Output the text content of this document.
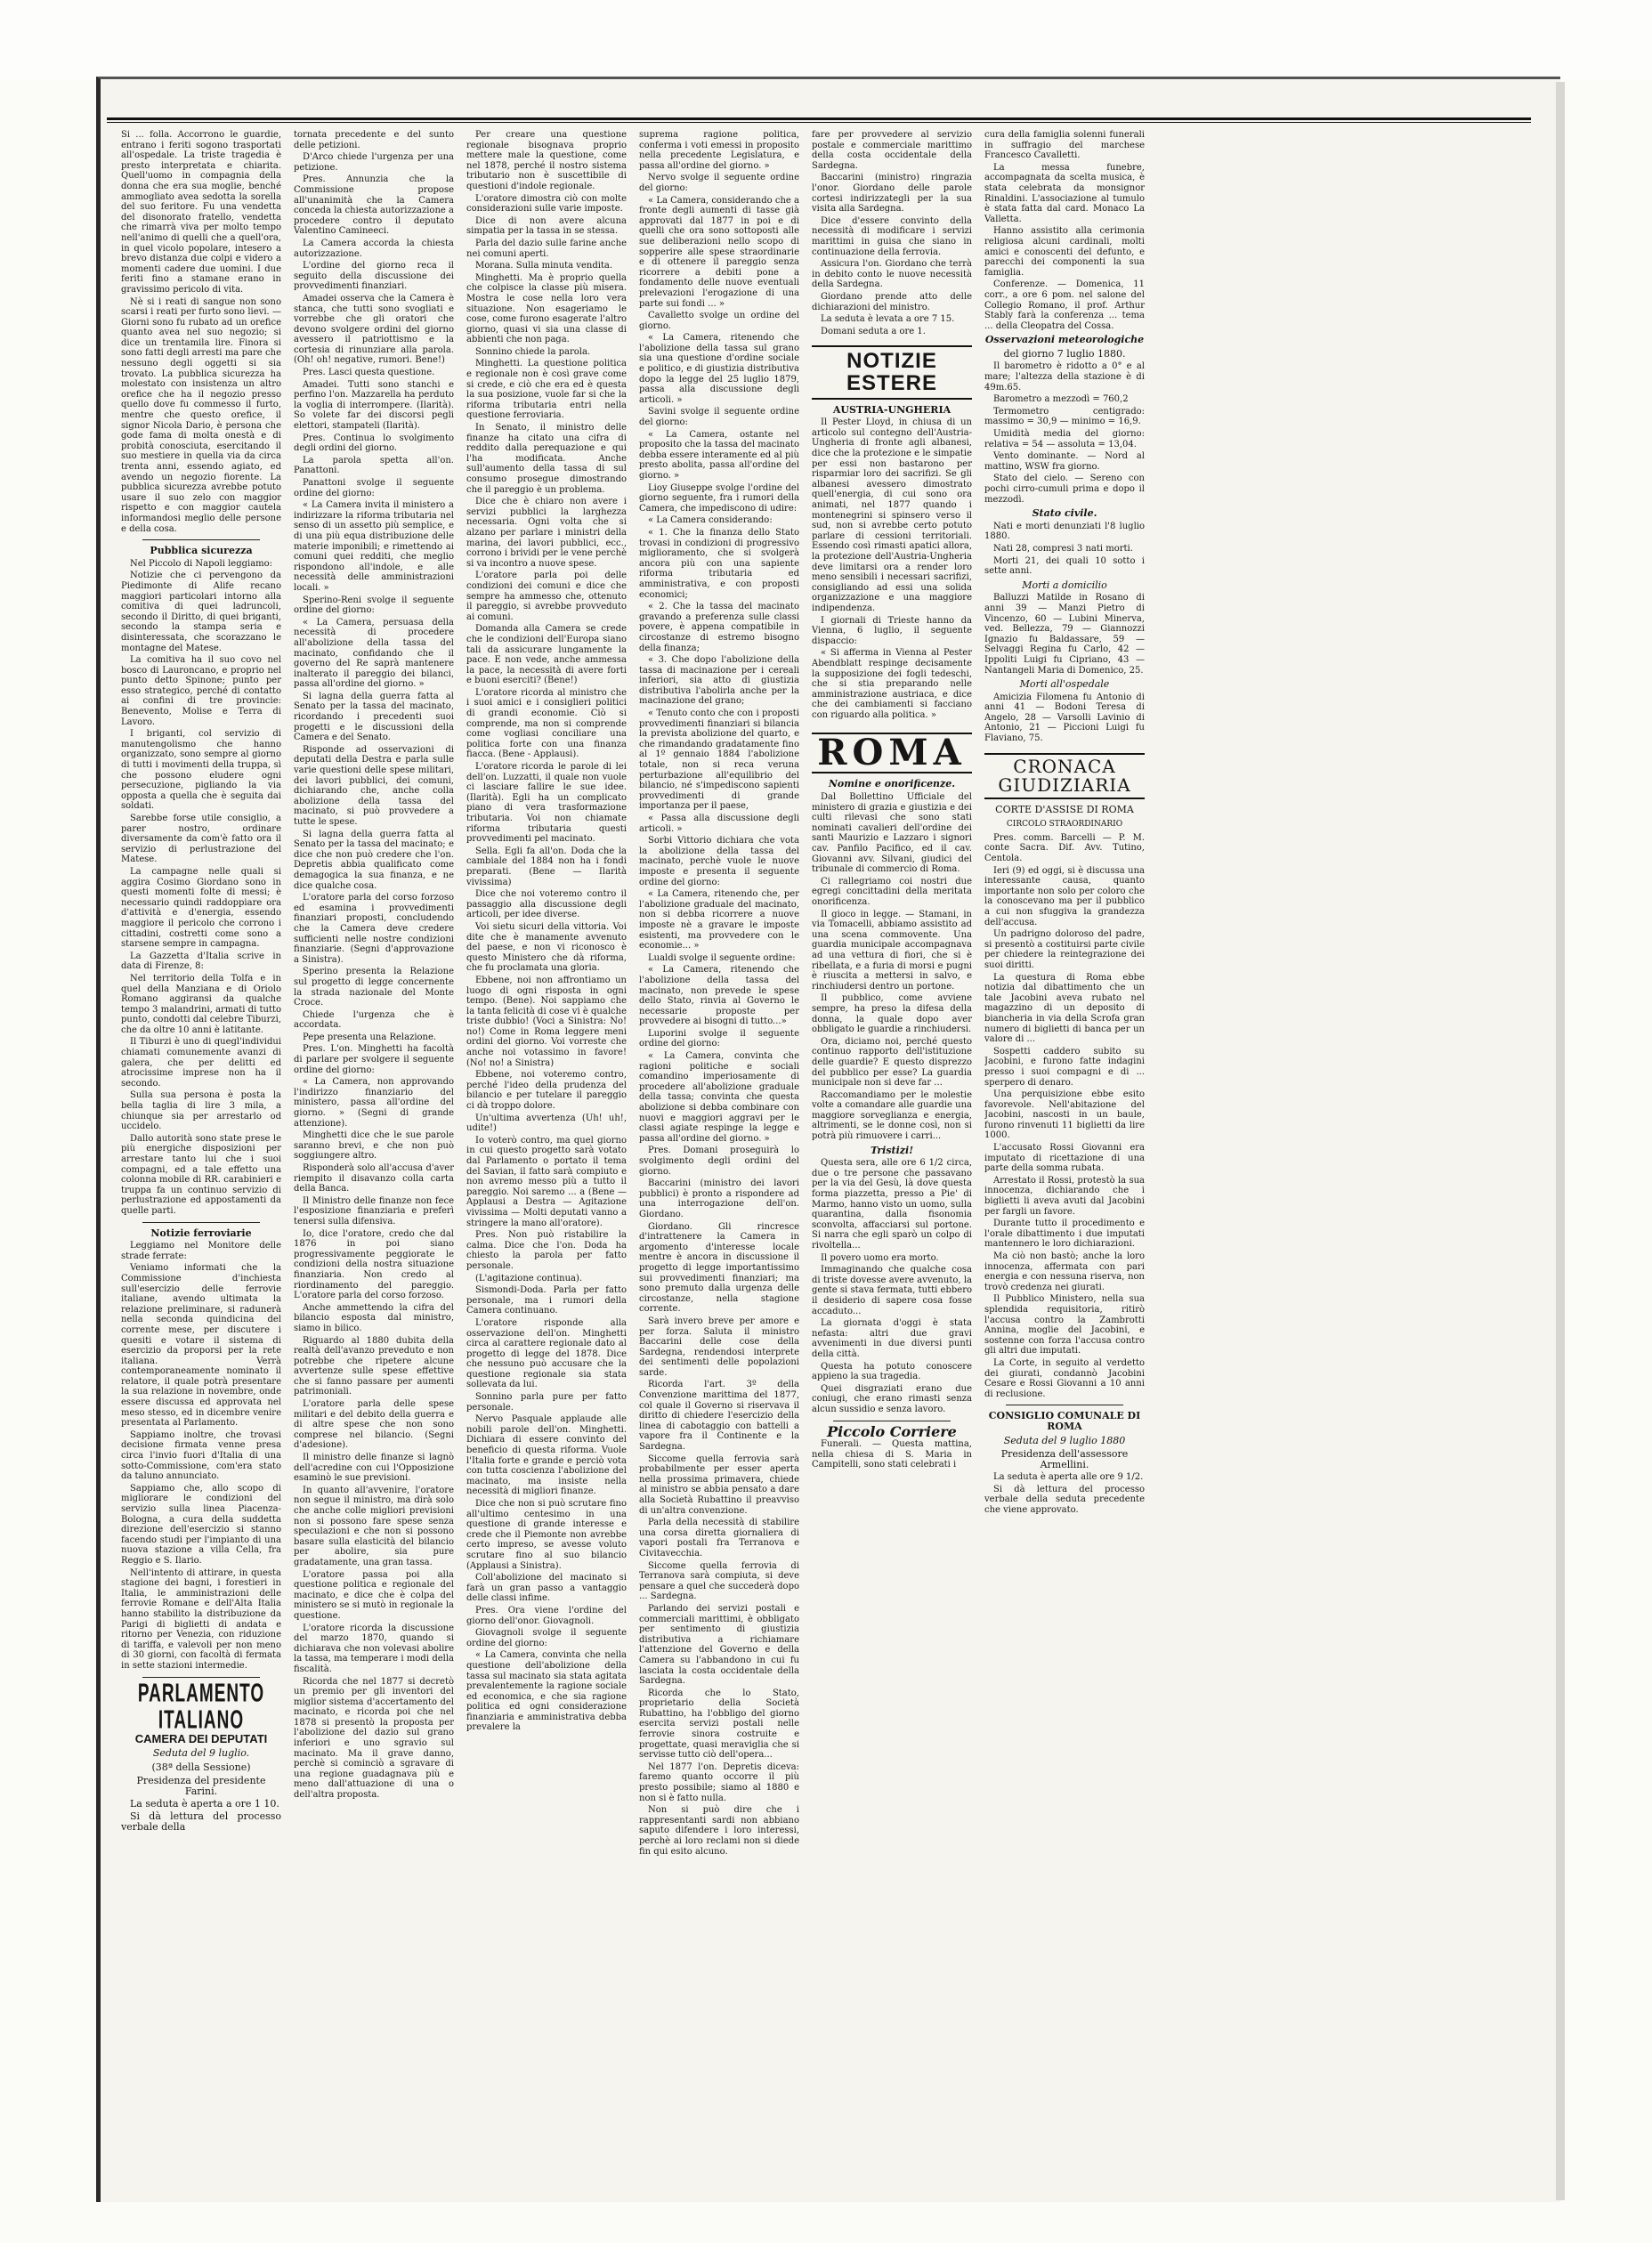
Si ... folla. Accorrono le guardie, entrano i feriti sogono trasportati all'ospedale. La triste tragedia è presto interpretata e chiarita. Quell'uomo in compagnia della donna che era sua moglie, benché ammogliato avea sedotta la sorella del suo feritore. Fu una vendetta del disonorato fratello, vendetta che rimarrà viva per molto tempo nell'animo di quelli che a quell'ora, in quel vicolo popolare, intesero a brevo distanza due colpi e videro a momenti cadere due uomini. I due feriti fino a stamane erano in gravissimo pericolo di vita.

Nè si i reati di sangue non sono scarsi i reati per furto sono lievi. — Giorni sono fu rubato ad un orefice quanto avea nel suo negozio; si dice un trentamila lire. Finora si sono fatti degli arresti ma pare che nessuno degli oggetti si sia trovato. La pubblica sicurezza ha molestato con insistenza un altro orefice che ha il negozio presso quello dove fu commesso il furto, mentre che questo orefice, il signor Nicola Dario, è persona che gode fama di molta onestà e di probità conosciuta, esercitando il suo mestiere in quella via da circa trenta anni, essendo agiato, ed avendo un negozio fiorente. La pubblica sicurezza avrebbe potuto usare il suo zelo con maggior rispetto e con maggior cautela informandosi meglio delle persone e della cosa.

Pubblica sicurezza

Nel Piccolo di Napoli leggiamo:

Notizie che ci pervengono da Piedimonte di Alife recano maggiori particolari intorno alla comitiva di quei ladruncoli, secondo il Diritto, di quei briganti, secondo la stampa seria e disinteressata, che scorazzano le montagne del Matese.

La comitiva ha il suo covo nel bosco di Lauroncano, e proprio nel punto detto Spinone; punto per esso strategico, perché di contatto ai confini di tre provincie: Benevento, Molise e Terra di Lavoro.

I briganti, col servizio di manutengolismo che hanno organizzato, sono sempre al giorno di tutti i movimenti della truppa, sì che possono eludere ogni persecuzione, pigliando la via opposta a quella che è seguita dai soldati.

Sarebbe forse utile consiglio, a parer nostro, ordinare diversamente da com'è fatto ora il servizio di perlustrazione del Matese.

La campagne nelle quali si aggira Cosimo Giordano sono in questi momenti folte di messi; è necessario quindi raddoppiare ora d'attività e d'energia, essendo maggiore il pericolo che corrono i cittadini, costretti come sono a starsene sempre in campagna.

La Gazzetta d'Italia scrive in data di Firenze, 8:

Nel territorio della Tolfa e in quel della Manziana e di Oriolo Romano aggiransi da qualche tempo 3 malandrini, armati di tutto punto, condotti dal celebre Tiburzi, che da oltre 10 anni è latitante.

Il Tiburzi è uno di quegl'individui chiamati comunemente avanzi di galera, che per delitti ed atrocissime imprese non ha il secondo.

Sulla sua persona è posta la bella taglia di lire 3 mila, a chiunque sia per arrestarlo od uccidelo.

Dallo autorità sono state prese le più energiche disposizioni per arrestare tanto lui che i suoi compagni, ed a tale effetto una colonna mobile di RR. carabinieri e truppa fa un continuo servizio di perlustrazione ed appostamenti da quelle parti.

Notizie ferroviarie

Leggiamo nel Monitore delle strade ferrate:

Veniamo informati che la Commissione d'inchiesta sull'esercizio delle ferrovie italiane, avendo ultimata la relazione preliminare, si radunerà nella seconda quindicina del corrente mese, per discutere i quesiti e votare il sistema di esercizio da proporsi per la rete italiana. Verrà contemporaneamente nominato il relatore, il quale potrà presentare la sua relazione in novembre, onde essere discussa ed approvata nel meso stesso, ed in dicembre venire presentata al Parlamento.

Sappiamo inoltre, che trovasi decisione firmata venne presa circa l'invio fuori d'Italia di una sotto-Commissione, com'era stato da taluno annunciato.

Sappiamo che, allo scopo di migliorare le condizioni del servizio sulla linea Piacenza-Bologna, a cura della suddetta direzione dell'esercizio si stanno facendo studi per l'impianto di una nuova stazione a villa Cella, fra Reggio e S. Ilario.

Nell'intento di attirare, in questa stagione dei bagni, i forestieri in Italia, le amministrazioni delle ferrovie Romane e dell'Alta Italia hanno stabilito la distribuzione da Parigi di biglietti di andata e ritorno per Venezia, con riduzione di tariffa, e valevoli per non meno di 30 giorni, con facoltà di fermata in sette stazioni intermedie.

PARLAMENTO ITALIANO
CAMERA DEI DEPUTATI
Seduta del 9 luglio.
(38ª della Sessione)
Presidenza del presidente Farini.

La seduta è aperta a ore 1 10.

Si dà lettura del processo verbale della

tornata precedente e del sunto delle petizioni.

D'Arco chiede l'urgenza per una petizione.

Pres. Annunzia che la Commissione propose all'unanimità che la Camera conceda la chiesta autorizzazione a procedere contro il deputato Valentino Camineeci.

La Camera accorda la chiesta autorizzazione.

L'ordine del giorno reca il seguito della discussione dei provvedimenti finanziari.

Amadei osserva che la Camera è stanca, che tutti sono svogliati e vorrebbe che gli oratori che devono svolgere ordini del giorno avessero il patriottismo e la cortesia di rinunziare alla parola. (Oh! oh! negative, rumori. Bene!)

Pres. Lasci questa questione.

Amadei. Tutti sono stanchi e perfino l'on. Mazzarella ha perduto la voglia di interrompere. (Ilarità). So volete far dei discorsi pegli elettori, stampateli (Ilarità).

Pres. Continua lo svolgimento degli ordini del giorno.

La parola spetta all'on. Panattoni.

Panattoni svolge il seguente ordine del giorno:

« La Camera invita il ministero a indirizzare la riforma tributaria nel senso di un assetto più semplice, e di una più equa distribuzione delle materie imponibili; e rimettendo ai comuni quei redditi, che meglio rispondono all'indole, e alle necessità delle amministrazioni locali. »

Sperino-Reni svolge il seguente ordine del giorno:

« La Camera, persuasa della necessità di procedere all'abolizione della tassa del macinato, confidando che il governo del Re saprà mantenere inalterato il pareggio dei bilanci, passa all'ordine del giorno. »

Si lagna della guerra fatta al Senato per la tassa del macinato, ricordando i precedenti suoi progetti e le discussioni della Camera e del Senato.

Risponde ad osservazioni di deputati della Destra e parla sulle varie questioni delle spese militari, dei lavori pubblici, dei comuni, dichiarando che, anche colla abolizione della tassa del macinato, si può provvedere a tutte le spese.

Si lagna della guerra fatta al Senato per la tassa del macinato; e dice che non può credere che l'on. Depretis abbia qualificato come demagogica la sua finanza, e ne dice qualche cosa.

L'oratore parla del corso forzoso ed esamina i provvedimenti finanziari proposti, concludendo che la Camera deve credere sufficienti nelle nostre condizioni finanziarie. (Segni d'approvazione a Sinistra).

Sperino presenta la Relazione sul progetto di legge concernente la strada nazionale del Monte Croce.

Chiede l'urgenza che è accordata.

Pepe presenta una Relazione.

Pres. L'on. Minghetti ha facoltà di parlare per svolgere il seguente ordine del giorno:

« La Camera, non approvando l'indirizzo finanziario del ministero, passa all'ordine del giorno. » (Segni di grande attenzione).

Minghetti dice che le sue parole saranno brevi, e che non può soggiungere altro.

Risponderà solo all'accusa d'aver riempito il disavanzo colla carta della Banca.

Il Ministro delle finanze non fece l'esposizione finanziaria e preferì tenersi sulla difensiva.

Io, dice l'oratore, credo che dal 1876 in poi siano progressivamente peggiorate le condizioni della nostra situazione finanziaria. Non credo al riordinamento del pareggio. L'oratore parla del corso forzoso.

Anche ammettendo la cifra del bilancio esposta dal ministro, siamo in bilico.

Riguardo al 1880 dubita della realtà dell'avanzo preveduto e non potrebbe che ripetere alcune avvertenze sulle spese effettive che si fanno passare per aumenti patrimoniali.

L'oratore parla delle spese militari e del debito della guerra e di altre spese che non sono comprese nel bilancio. (Segni d'adesione).

Il ministro delle finanze si lagnò dell'acredine con cui l'Opposizione esaminò le sue previsioni.

In quanto all'avvenire, l'oratore non segue il ministro, ma dirà solo che anche colle migliori previsioni non si possono fare spese senza speculazioni e che non si possono basare sulla elasticità del bilancio per abolire, sia pure gradatamente, una gran tassa.

L'oratore passa poi alla questione politica e regionale del macinato, e dice che è colpa del ministero se si mutò in regionale la questione.

L'oratore ricorda la discussione del marzo 1870, quando si dichiarava che non volevasi abolire la tassa, ma temperare i modi della fiscalità.

Ricorda che nel 1877 si decretò un premio per gli inventori del miglior sistema d'accertamento del macinato, e ricorda poi che nel 1878 si presentò la proposta per l'abolizione del dazio sul grano inferiori e uno sgravio sul macinato. Ma il grave danno, perchè si cominciò a sgravare di una regione guadagnava più e meno dall'attuazione di una o dell'altra proposta.

Per creare una questione regionale bisognava proprio mettere male la questione, come nel 1878, perché il nostro sistema tributario non è suscettibile di questioni d'indole regionale.

L'oratore dimostra ciò con molte considerazioni sulle varie imposte.

Dice di non avere alcuna simpatia per la tassa in se stessa.

Parla del dazio sulle farine anche nei comuni aperti.

Morana. Sulla minuta vendita.

Minghetti. Ma è proprio quella che colpisce la classe più misera. Mostra le cose nella loro vera situazione. Non esageriamo le cose, come furono esagerate l'altro giorno, quasi vi sia una classe di abbienti che non paga.

Sonnino chiede la parola.

Minghetti. La questione politica e regionale non è così grave come si crede, e ciò che era ed è questa la sua posizione, vuole far si che la riforma tributaria entri nella questione ferroviaria.

In Senato, il ministro delle finanze ha citato una cifra di reddito dalla perequazione e qui l'ha modificata. Anche sull'aumento della tassa di sul consumo prosegue dimostrando che il pareggio è un problema.

Dice che è chiaro non avere i servizi pubblici la larghezza necessaria. Ogni volta che si alzano per parlare i ministri della marina, dei lavori pubblici, ecc., corrono i brividi per le vene perchè si va incontro a nuove spese.

L'oratore parla poi delle condizioni dei comuni e dice che sempre ha ammesso che, ottenuto il pareggio, si avrebbe provveduto ai comuni.

Domanda alla Camera se crede che le condizioni dell'Europa siano tali da assicurare lungamente la pace. E non vede, anche ammessa la pace, la necessità di avere forti e buoni eserciti? (Bene!)

L'oratore ricorda al ministro che i suoi amici e i consiglieri politici di grandi economie. Ciò si comprende, ma non si comprende come vogliasi conciliare una politica forte con una finanza fiacca. (Bene - Applausi).

L'oratore ricorda le parole di lei dell'on. Luzzatti, il quale non vuole ci lasciare fallire le sue idee. (Ilarità). Egli ha un complicato piano di vera trasformazione tributaria. Voi non chiamate riforma tributaria questi provvedimenti pel macinato.

Sella. Egli fa all'on. Doda che la cambiale del 1884 non ha i fondi preparati. (Bene — Ilarità vivissima)

Dice che noi voteremo contro il passaggio alla discussione degli articoli, per idee diverse.

Voi sietu sicuri della vittoria. Voi dite che è manamente avvenuto del paese, e non vi riconosco è questo Ministero che dà riforma, che fu proclamata una gloria.

Ebbene, noi non affrontiamo un luogo di ogni risposta in ogni tempo. (Bene). Noi sappiamo che la tanta felicità di cose vi è qualche triste dubbio! (Voci a Sinistra: No! no!) Come in Roma leggere meni ordini del giorno. Voi vorreste che anche noi votassimo in favore! (No! no! a Sinistra)

Ebbene, noi voteremo contro, perché l'ideo della prudenza del bilancio e per tutelare il pareggio ci dà troppo dolore.

Un'ultima avvertenza (Uh! uh!, udite!)

Io voterò contro, ma quel giorno in cui questo progetto sarà votato dal Parlamento o portato il tema del Savian, il fatto sarà compiuto e non avremo messo più a tutto il pareggio. Noi saremo ... a (Bene — Applausi a Destra — Agitazione vivissima — Molti deputati vanno a stringere la mano all'oratore).

Pres. Non può ristabilire la calma. Dice che l'on. Doda ha chiesto la parola per fatto personale.

(L'agitazione continua).

Sismondi-Doda. Parla per fatto personale, ma i rumori della Camera continuano.

L'oratore risponde alla osservazione dell'on. Minghetti circa al carattere regionale dato al progetto di legge del 1878. Dice che nessuno può accusare che la questione regionale sia stata sollevata da lui.

Sonnino parla pure per fatto personale.

Nervo Pasquale applaude alle nobili parole dell'on. Minghetti. Dichiara di essere convinto del beneficio di questa riforma. Vuole l'Italia forte e grande e perciò vota con tutta coscienza l'abolizione del macinato, ma insiste nella necessità di migliori finanze.

Dice che non si può scrutare fino all'ultimo centesimo in una questione di grande interesse e crede che il Piemonte non avrebbe certo impreso, se avesse voluto scrutare fino al suo bilancio (Applausi a Sinistra).

Coll'abolizione del macinato si farà un gran passo a vantaggio delle classi infime.

Pres. Ora viene l'ordine del giorno dell'onor. Giovagnoli.

Giovagnoli svolge il seguente ordine del giorno:

« La Camera, convinta che nella questione dell'abolizione della tassa sul macinato sia stata agitata prevalentemente la ragione sociale ed economica, e che sia ragione politica ed ogni considerazione finanziaria e amministrativa debba prevalere la

suprema ragione politica, conferma i voti emessi in proposito nella precedente Legislatura, e passa all'ordine del giorno. »

Nervo svolge il seguente ordine del giorno:

« La Camera, considerando che a fronte degli aumenti di tasse già approvati dal 1877 in poi e di quelli che ora sono sottoposti alle sue deliberazioni nello scopo di sopperire alle spese straordinarie e di ottenere il pareggio senza ricorrere a debiti pone a fondamento delle nuove eventuali prelevazioni l'erogazione di una parte sui fondi ... »

Cavalletto svolge un ordine del giorno.

« La Camera, ritenendo che l'abolizione della tassa sul grano sia una questione d'ordine sociale e politico, e di giustizia distributiva dopo la legge del 25 luglio 1879, passa alla discussione degli articoli. »

Savini svolge il seguente ordine del giorno:

« La Camera, ostante nel proposito che la tassa del macinato debba essere interamente ed al più presto abolita, passa all'ordine del giorno. »

Lioy Giuseppe svolge l'ordine del giorno seguente, fra i rumori della Camera, che impediscono di udire:

« La Camera considerando:

« 1. Che la finanza dello Stato trovasi in condizioni di progressivo miglioramento, che si svolgerà ancora più con una sapiente riforma tributaria ed amministrativa, e con proposti economici;

« 2. Che la tassa del macinato gravando a preferenza sulle classi povere, è appena compatibile in circostanze di estremo bisogno della finanza;

« 3. Che dopo l'abolizione della tassa di macinazione per i cereali inferiori, sia atto di giustizia distributiva l'abolirla anche per la macinazione del grano;

« Tenuto conto che con i proposti provvedimenti finanziari si bilancia la prevista abolizione del quarto, e che rimandando gradatamente fino al 1º gennaio 1884 l'abolizione totale, non si reca veruna perturbazione all'equilibrio del bilancio, né s'impediscono sapienti provvedimenti di grande importanza per il paese,

« Passa alla discussione degli articoli. »

Sorbi Vittorio dichiara che vota la abolizione della tassa del macinato, perchè vuole le nuove imposte e presenta il seguente ordine del giorno:

« La Camera, ritenendo che, per l'abolizione graduale del macinato, non si debba ricorrere a nuove imposte nè a gravare le imposte esistenti, ma provvedere con le economie... »

Lualdi svolge il seguente ordine:

« La Camera, ritenendo che l'abolizione della tassa del macinato, non prevede le spese dello Stato, rinvia al Governo le necessarie proposte per provvedere ai bisogni di tutto...»

Luporini svolge il seguente ordine del giorno:

« La Camera, convinta che ragioni politiche e sociali comandino imperiosamente di procedere all'abolizione graduale della tassa; convinta che questa abolizione si debba combinare con nuovi e maggiori aggravi per le classi agiate respinge la legge e passa all'ordine del giorno. »

Pres. Domani proseguirà lo svolgimento degli ordini del giorno.

Baccarini (ministro dei lavori pubblici) è pronto a rispondere ad una interrogazione dell'on. Giordano.

Giordano. Gli rincresce d'intrattenere la Camera in argomento d'interesse locale mentre è ancora in discussione il progetto di legge importantissimo sui provvedimenti finanziari; ma sono premuto dalla urgenza delle circostanze, nella stagione corrente.

Sarà invero breve per amore e per forza. Saluta il ministro Baccarini delle cose della Sardegna, rendendosi interprete dei sentimenti delle popolazioni sarde.

Ricorda l'art. 3º della Convenzione marittima del 1877, col quale il Governo si riservava il diritto di chiedere l'esercizio della linea di cabotaggio con battelli a vapore fra il Continente e la Sardegna.

Siccome quella ferrovia sarà probabilmente per esser aperta nella prossima primavera, chiede al ministro se abbia pensato a dare alla Società Rubattino il preavviso di un'altra convenzione.

Parla della necessità di stabilire una corsa diretta giornaliera di vapori postali fra Terranova e Civitavecchia.

Siccome quella ferrovia di Terranova sarà compiuta, si deve pensare a quel che succederà dopo ... Sardegna.

Parlando dei servizi postali e commerciali marittimi, è obbligato per sentimento di giustizia distributiva a richiamare l'attenzione del Governo e della Camera su l'abbandono in cui fu lasciata la costa occidentale della Sardegna.

Ricorda che lo Stato, proprietario della Società Rubattino, ha l'obbligo del giorno esercita servizi postali nelle ferrovie sinora costruite e progettate, quasi meraviglia che si servisse tutto ciò dell'opera...

Nel 1877 l'on. Depretis diceva: faremo quanto occorre il più presto possibile; siamo al 1880 e non si è fatto nulla.

Non si può dire che i rappresentanti sardi non abbiano saputo difendere i loro interessi, perchè ai loro reclami non si diede fin qui esito alcuno.

fare per provvedere al servizio postale e commerciale marittimo della costa occidentale della Sardegna.

Baccarini (ministro) ringrazia l'onor. Giordano delle parole cortesi indirizzategli per la sua visita alla Sardegna.

Dice d'essere convinto della necessità di modificare i servizi marittimi in guisa che siano in continuazione della ferrovia.

Assicura l'on. Giordano che terrà in debito conto le nuove necessità della Sardegna.

Giordano prende atto delle dichiarazioni del ministro.

La seduta è levata a ore 7 15.

Domani seduta a ore 1.

NOTIZIE ESTERE
AUSTRIA-UNGHERIA

Il Pester Lloyd, in chiusa di un articolo sul contegno dell'Austria-Ungheria di fronte agli albanesi, dice che la protezione e le simpatie per essi non bastarono per risparmiar loro dei sacrifizi. Se gli albanesi avessero dimostrato quell'energia, di cui sono ora animati, nel 1877 quando i montenegrini si spinsero verso il sud, non si avrebbe certo potuto parlare di cessioni territoriali. Essendo così rimasti apatici allora, la protezione dell'Austria-Ungheria deve limitarsi ora a render loro meno sensibili i necessari sacrifizi, consigliando ad essi una solida organizzazione e una maggiore indipendenza.

I giornali di Trieste hanno da Vienna, 6 luglio, il seguente dispaccio:

« Si afferma in Vienna al Pester Abendblatt respinge decisamente la supposizione dei fogli tedeschi, che si stia preparando nelle amministrazione austriaca, e dice che dei cambiamenti si facciano con riguardo alla politica. »

ROMA
Nomine e onorificenze.

Dal Bollettino Ufficiale del ministero di grazia e giustizia e dei culti rilevasi che sono stati nominati cavalieri dell'ordine dei santi Maurizio e Lazzaro i signori cav. Panfilo Pacifico, ed il cav. Giovanni avv. Silvani, giudici del tribunale di commercio di Roma.

Ci rallegriamo coi nostri due egregi concittadini della meritata onorificenza.

Il gioco in legge. — Stamani, in via Tomacelli, abbiamo assistito ad una scena commovente. Una guardia municipale accompagnava ad una vettura di fiori, che si è ribellata, e a furia di morsi e pugni è riuscita a mettersi in salvo, e rinchiudersi dentro un portone.

Il pubblico, come avviene sempre, ha preso la difesa della donna, la quale dopo aver obbligato le guardie a rinchiudersi.

Ora, diciamo noi, perché questo continuo rapporto dell'istituzione delle guardie? E questo disprezzo del pubblico per esse? La guardia municipale non si deve far ...

Raccomandiamo per le molestie volte a comandare alle guardie una maggiore sorveglianza e energia, altrimenti, se le donne così, non si potrà più rimuovere i carri...

Tristizi!

Questa sera, alle ore 6 1/2 circa, due o tre persone che passavano per la via del Gesù, là dove questa forma piazzetta, presso a Pie' di Marmo, hanno visto un uomo, sulla quarantina, dalla fisonomia sconvolta, affacciarsi sul portone. Si narra che egli sparò un colpo di rivoltella...

Il povero uomo era morto.

Immaginando che qualche cosa di triste dovesse avere avvenuto, la gente si stava fermata, tutti ebbero il desiderio di sapere cosa fosse accaduto...

La giornata d'oggi è stata nefasta: altri due gravi avvenimenti in due diversi punti della città.

Questa ha potuto conoscere appieno la sua tragedia.

Quei disgraziati erano due coniugi, che erano rimasti senza alcun sussidio e senza lavoro.

Piccolo Corriere

Funerali. — Questa mattina, nella chiesa di S. Maria in Campitelli, sono stati celebrati i

cura della famiglia solenni funerali in suffragio del marchese Francesco Cavalletti.

La messa funebre, accompagnata da scelta musica, è stata celebrata da monsignor Rinaldini. L'associazione al tumulo è stata fatta dal card. Monaco La Valletta.

Hanno assistito alla cerimonia religiosa alcuni cardinali, molti amici e conoscenti del defunto, e parecchi dei componenti la sua famiglia.

Conferenze. — Domenica, 11 corr., a ore 6 pom. nel salone del Collegio Romano, il prof. Arthur Stably farà la conferenza ... tema ... della Cleopatra del Cossa.

Osservazioni meteorologiche
del giorno 7 luglio 1880.

Il barometro è ridotto a 0° e al mare; l'altezza della stazione è di 49m.65.

Barometro a mezzodì = 760,2

Termometro centigrado: massimo = 30,9 — minimo = 16,9.

Umidità media del giorno: relativa = 54 — assoluta = 13,04.

Vento dominante. — Nord al mattino, WSW fra giorno.

Stato del cielo. — Sereno con pochi cirro-cumuli prima e dopo il mezzodì.

Stato civile.

Nati e morti denunziati l'8 luglio 1880.

Nati 28, compresi 3 nati morti.

Morti 21, dei quali 10 sotto i sette anni.

Morti a domicilio

Balluzzi Matilde in Rosano di anni 39 — Manzi Pietro di Vincenzo, 60 — Lubini Minerva, ved. Bellezza, 79 — Giannozzi Ignazio fu Baldassare, 59 — Selvaggi Regina fu Carlo, 42 — Ippoliti Luigi fu Cipriano, 43 — Nantangeli Maria di Domenico, 25.

Morti all'ospedale

Amicizia Filomena fu Antonio di anni 41 — Bodoni Teresa di Angelo, 28 — Varsolli Lavinio di Antonio, 21 — Piccioni Luigi fu Flaviano, 75.

CRONACA GIUDIZIARIA
CORTE D'ASSISE DI ROMA
CIRCOLO STRAORDINARIO

Pres. comm. Barcelli — P. M. conte Sacra. Dif. Avv. Tutino, Centola.

Ieri (9) ed oggi, si è discussa una interessante causa, quanto importante non solo per coloro che la conoscevano ma per il pubblico a cui non sfuggiva la grandezza dell'accusa.

Un padrigno doloroso del padre, si presentò a costituirsi parte civile per chiedere la reintegrazione dei suoi diritti.

La questura di Roma ebbe notizia dal dibattimento che un tale Jacobini aveva rubato nel magazzino di un deposito di biancheria in via della Scrofa gran numero di biglietti di banca per un valore di ...

Sospetti caddero subito su Jacobini, e furono fatte indagini presso i suoi compagni e di ... sperpero di denaro.

Una perquisizione ebbe esito favorevole. Nell'abitazione del Jacobini, nascosti in un baule, furono rinvenuti 11 biglietti da lire 1000.

L'accusato Rossi Giovanni era imputato di ricettazione di una parte della somma rubata.

Arrestato il Rossi, protestò la sua innocenza, dichiarando che i biglietti li aveva avuti dal Jacobini per fargli un favore.

Durante tutto il procedimento e l'orale dibattimento i due imputati mantennero le loro dichiarazioni.

Ma ciò non bastò; anche la loro innocenza, affermata con pari energia e con nessuna riserva, non trovò credenza nei giurati.

Il Pubblico Ministero, nella sua splendida requisitoria, ritirò l'accusa contro la Zambrotti Annina, moglie del Jacobini, e sostenne con forza l'accusa contro gli altri due imputati.

La Corte, in seguito al verdetto dei giurati, condannò Jacobini Cesare e Rossi Giovanni a 10 anni di reclusione.

CONSIGLIO COMUNALE DI ROMA
Seduta del 9 luglio 1880
Presidenza dell'assessore Armellini.

La seduta è aperta alle ore 9 1/2.

Si dà lettura del processo verbale della seduta precedente che viene approvato.
